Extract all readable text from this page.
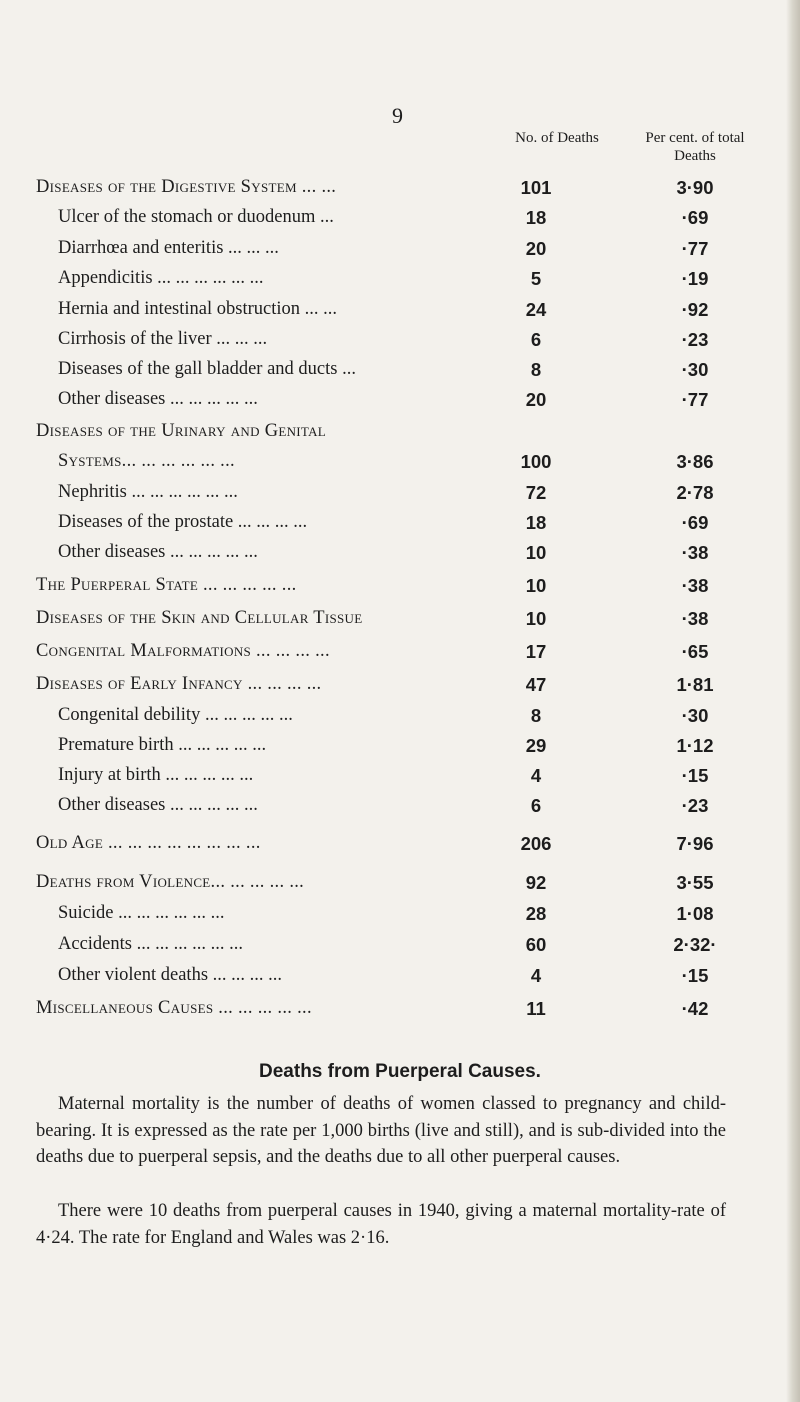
9
No. of Deaths	Per cent. of total Deaths
Diseases of the Digestive System ... ...	101	3·90
Ulcer of the stomach or duodenum ...	18	·69
Diarrhœa and enteritis ... ... ...	20	·77
Appendicitis ... ... ... ... ... ...	5	·19
Hernia and intestinal obstruction ... ...	24	·92
Cirrhosis of the liver ... ... ...	6	·23
Diseases of the gall bladder and ducts ...	8	·30
Other diseases ... ... ... ... ...	20	·77
Diseases of the Urinary and Genital
Systems... ... ... ... ... ...	100	3·86
Nephritis ... ... ... ... ... ...	72	2·78
Diseases of the prostate ... ... ... ...	18	·69
Other diseases ... ... ... ... ...	10	·38
The Puerperal State ... ... ... ... ...	10	·38
Diseases of the Skin and Cellular Tissue	10	·38
Congenital Malformations ... ... ... ...	17	·65
Diseases of Early Infancy ... ... ... ...	47	1·81
Congenital debility ... ... ... ... ...	8	·30
Premature birth ... ... ... ... ...	29	1·12
Injury at birth ... ... ... ... ...	4	·15
Other diseases ... ... ... ... ...	6	·23
Old Age ... ... ... ... ... ... ... ...	206	7·96
Deaths from Violence... ... ... ... ...	92	3·55
Suicide ... ... ... ... ... ...	28	1·08
Accidents ... ... ... ... ... ...	60	2·32·
Other violent deaths ... ... ... ...	4	·15
Miscellaneous Causes ... ... ... ... ...	11	·42
Deaths from Puerperal Causes.

Maternal mortality is the number of deaths of women classed to pregnancy and child-bearing. It is expressed as the rate per 1,000 births (live and still), and is sub-divided into the deaths due to puerperal sepsis, and the deaths due to all other puerperal causes.

There were 10 deaths from puerperal causes in 1940, giving a maternal mortality-rate of 4·24. The rate for England and Wales was 2·16.
